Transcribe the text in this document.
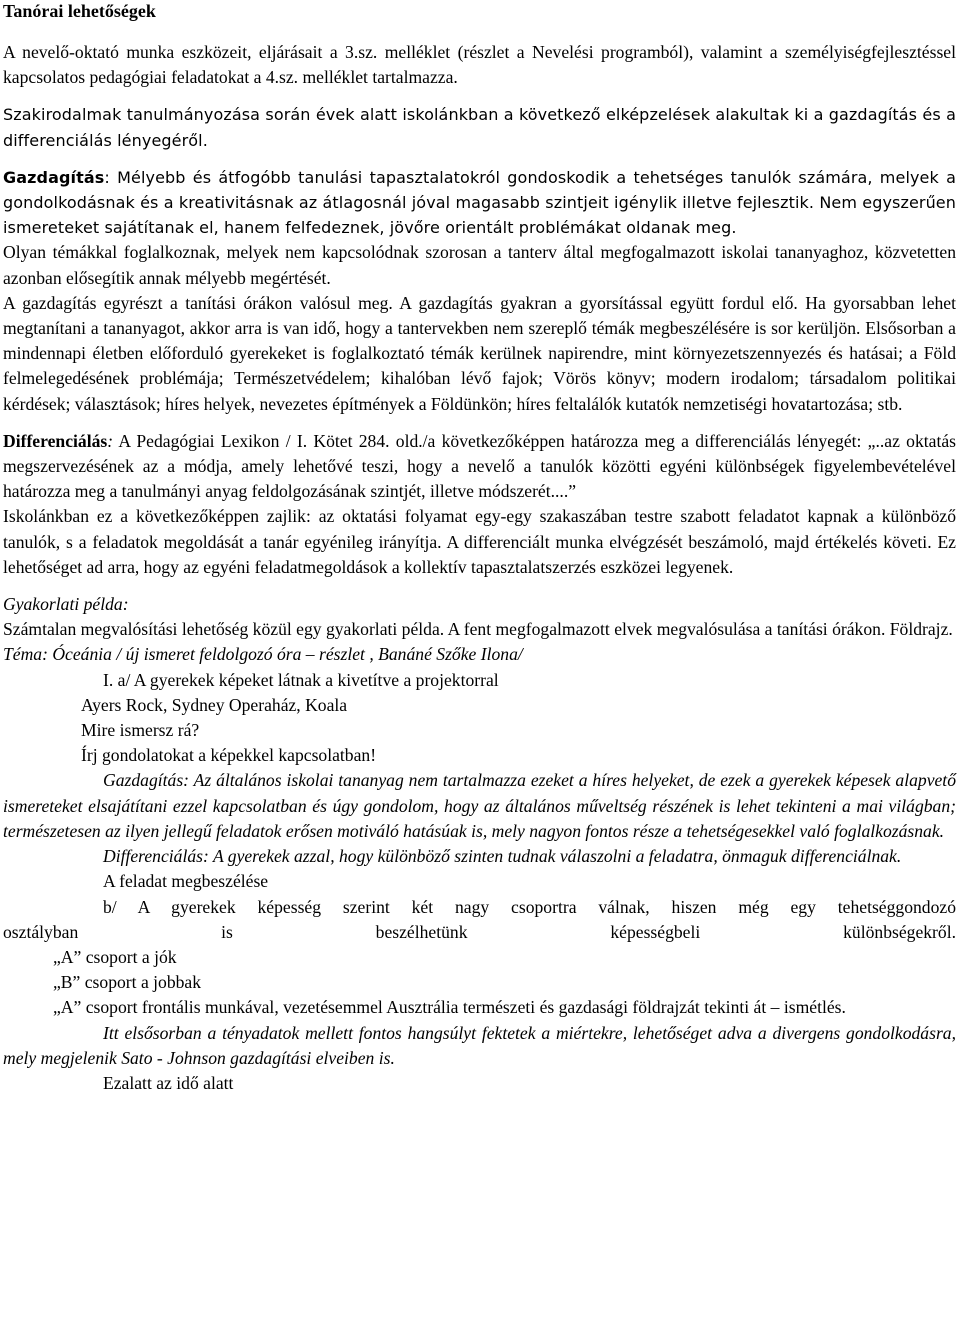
Tanórai lehetőségek

A nevelő-oktató munka eszközeit, eljárásait a 3.sz. melléklet (részlet a Nevelési programból), valamint a személyiségfejlesztéssel kapcsolatos pedagógiai feladatokat a 4.sz. melléklet tartalmazza.

Szakirodalmak tanulmányozása során évek alatt iskolánkban a következő elképzelések alakultak ki a gazdagítás és a differenciálás lényegéről.

Gazdagítás: Mélyebb és átfogóbb tanulási tapasztalatokról gondoskodik a tehetséges tanulók számára, melyek a gondolkodásnak és a kreativitásnak az átlagosnál jóval magasabb szintjeit igénylik illetve fejlesztik. Nem egyszerűen ismereteket sajátítanak el, hanem felfedeznek, jövőre orientált problémákat oldanak meg.

Olyan témákkal foglalkoznak, melyek nem kapcsolódnak szorosan a tanterv által megfogalmazott iskolai tananyaghoz, közvetetten azonban elősegítik annak mélyebb megértését.

A gazdagítás egyrészt a tanítási órákon valósul meg. A gazdagítás gyakran a gyorsítással együtt fordul elő. Ha gyorsabban lehet megtanítani a tananyagot, akkor arra is van idő, hogy a tantervekben nem szereplő témák megbeszélésére is sor kerüljön. Elsősorban a mindennapi életben előforduló gyerekeket is foglalkoztató témák kerülnek napirendre, mint környezetszennyezés és hatásai; a Föld felmelegedésének problémája; Természetvédelem; kihalóban lévő fajok; Vörös könyv; modern irodalom; társadalom politikai kérdések; választások; híres helyek, nevezetes építmények a Földünkön; híres feltalálók kutatók nemzetiségi hovatartozása; stb.

Differenciálás: A Pedagógiai Lexikon / I. Kötet 284. old./a következőképpen határozza meg a differenciálás lényegét: „..az oktatás megszervezésének az a módja, amely lehetővé teszi, hogy a nevelő a tanulók közötti egyéni különbségek figyelembevételével határozza meg a tanulmányi anyag feldolgozásának szintjét, illetve módszerét....”

Iskolánkban ez a következőképpen zajlik: az oktatási folyamat egy-egy szakaszában testre szabott feladatot kapnak a különböző tanulók, s a feladatok megoldását a tanár egyénileg irányítja. A differenciált munka elvégzését beszámoló, majd értékelés követi. Ez lehetőséget ad arra, hogy az egyéni feladatmegoldások a kollektív tapasztalatszerzés eszközei legyenek.

Gyakorlati példa:

Számtalan megvalósítási lehetőség közül egy gyakorlati példa. A fent megfogalmazott elvek megvalósulása a tanítási órákon. Földrajz.

Téma: Óceánia / új ismeret feldolgozó óra – részlet , Banáné Szőke Ilona/

I. a/ A gyerekek képeket látnak a kivetítve a projektorral

Ayers Rock, Sydney Operaház, Koala

Mire ismersz rá?

Írj gondolatokat a képekkel kapcsolatban!

Gazdagítás: Az általános iskolai tananyag nem tartalmazza ezeket a híres helyeket, de ezek a gyerekek képesek alapvető ismereteket elsajátítani ezzel kapcsolatban és úgy gondolom, hogy az általános műveltség részének is lehet tekinteni a mai világban; természetesen az ilyen jellegű feladatok erősen motiváló hatásúak is, mely nagyon fontos része a tehetségesekkel való foglalkozásnak.

Differenciálás: A gyerekek azzal, hogy különböző szinten tudnak válaszolni a feladatra, önmaguk differenciálnak.

A feladat megbeszélése

b/ A gyerekek képesség szerint két nagy csoportra válnak, hiszen még egy tehetséggondozó

osztályban is beszélhetünk képességbeli különbségekről.

„A” csoport a jók

„B” csoport a jobbak

„A” csoport frontális munkával, vezetésemmel Ausztrália természeti és gazdasági földrajzát tekinti át – ismétlés.

Itt elsősorban a tényadatok mellett fontos hangsúlyt fektetek a miértekre, lehetőséget adva a divergens gondolkodásra, mely megjelenik Sato - Johnson gazdagítási elveiben is.

Ezalatt az idő alatt
